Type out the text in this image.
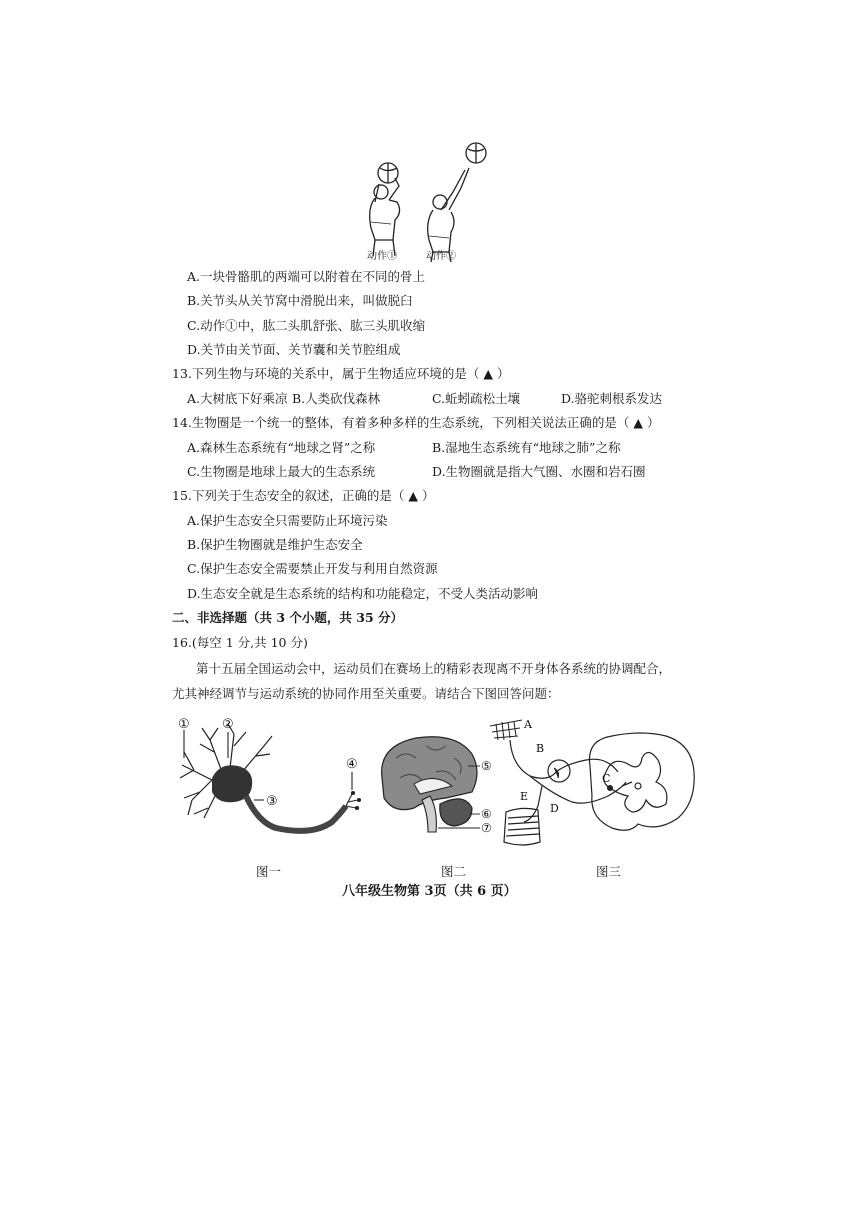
动作①	动作②
A.一块骨骼肌的两端可以附着在不同的骨上
B.关节头从关节窝中滑脱出来，叫做脱臼
C.动作①中，肱二头肌舒张、肱三头肌收缩
D.关节由关节面、关节囊和关节腔组成
13.下列生物与环境的关系中，属于生物适应环境的是（ ▲ ）
A.大树底下好乘凉 B.人类砍伐森林	C.蚯蚓疏松土壤	D.骆驼刺根系发达
14.生物圈是一个统一的整体，有着多种多样的生态系统，下列相关说法正确的是（ ▲ ）
A.森林生态系统有“地球之肾”之称	B.湿地生态系统有“地球之肺”之称
C.生物圈是地球上最大的生态系统	D.生物圈就是指大气圈、水圈和岩石圈
15.下列关于生态安全的叙述，正确的是（ ▲ ）
A.保护生态安全只需要防止环境污染
B.保护生物圈就是维护生态安全
C.保护生态安全需要禁止开发与利用自然资源
D.生态安全就是生态系统的结构和功能稳定，不受人类活动影响
二、非选择题（共 3 个小题，共 35 分）
16.(每空 1 分,共 10 分)
第十五届全国运动会中，运动员们在赛场上的精彩表现离不开身体各系统的协调配合，
尤其神经调节与运动系统的协同作用至关重要。请结合下图回答问题：
① ②
③
④
图一
⑤
⑥
⑦
图二
A
B
C
D
E
图三
八年级生物第 3页（共 6 页）
